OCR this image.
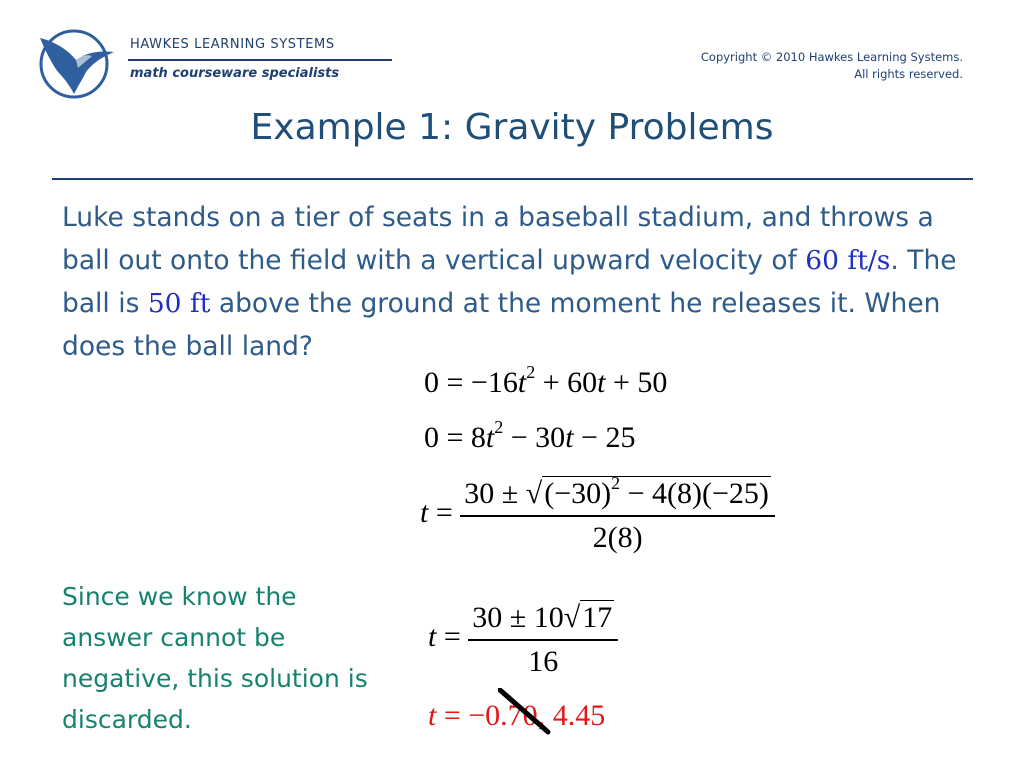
HAWKES LEARNING SYSTEMS
math courseware specialists
Copyright © 2010 Hawkes Learning Systems.
All rights reserved.
Example 1: Gravity Problems
Luke stands on a tier of seats in a baseball stadium, and throws a ball out onto the field with a vertical upward velocity of 60 ft/s. The ball is 50 ft above the ground at the moment he releases it. When does the ball land?
$0 = -16t^2 + 60t + 50$
$0 = 8t^2 - 30t - 25$
$t = \frac{30 \pm √(-30)^2 - 4(8)(-25)}{2(8)}$
$t = \frac{30 \pm 10√17}{16}$
t = −0.70, 4.45
Since we know the answer cannot be negative, this solution is discarded.
